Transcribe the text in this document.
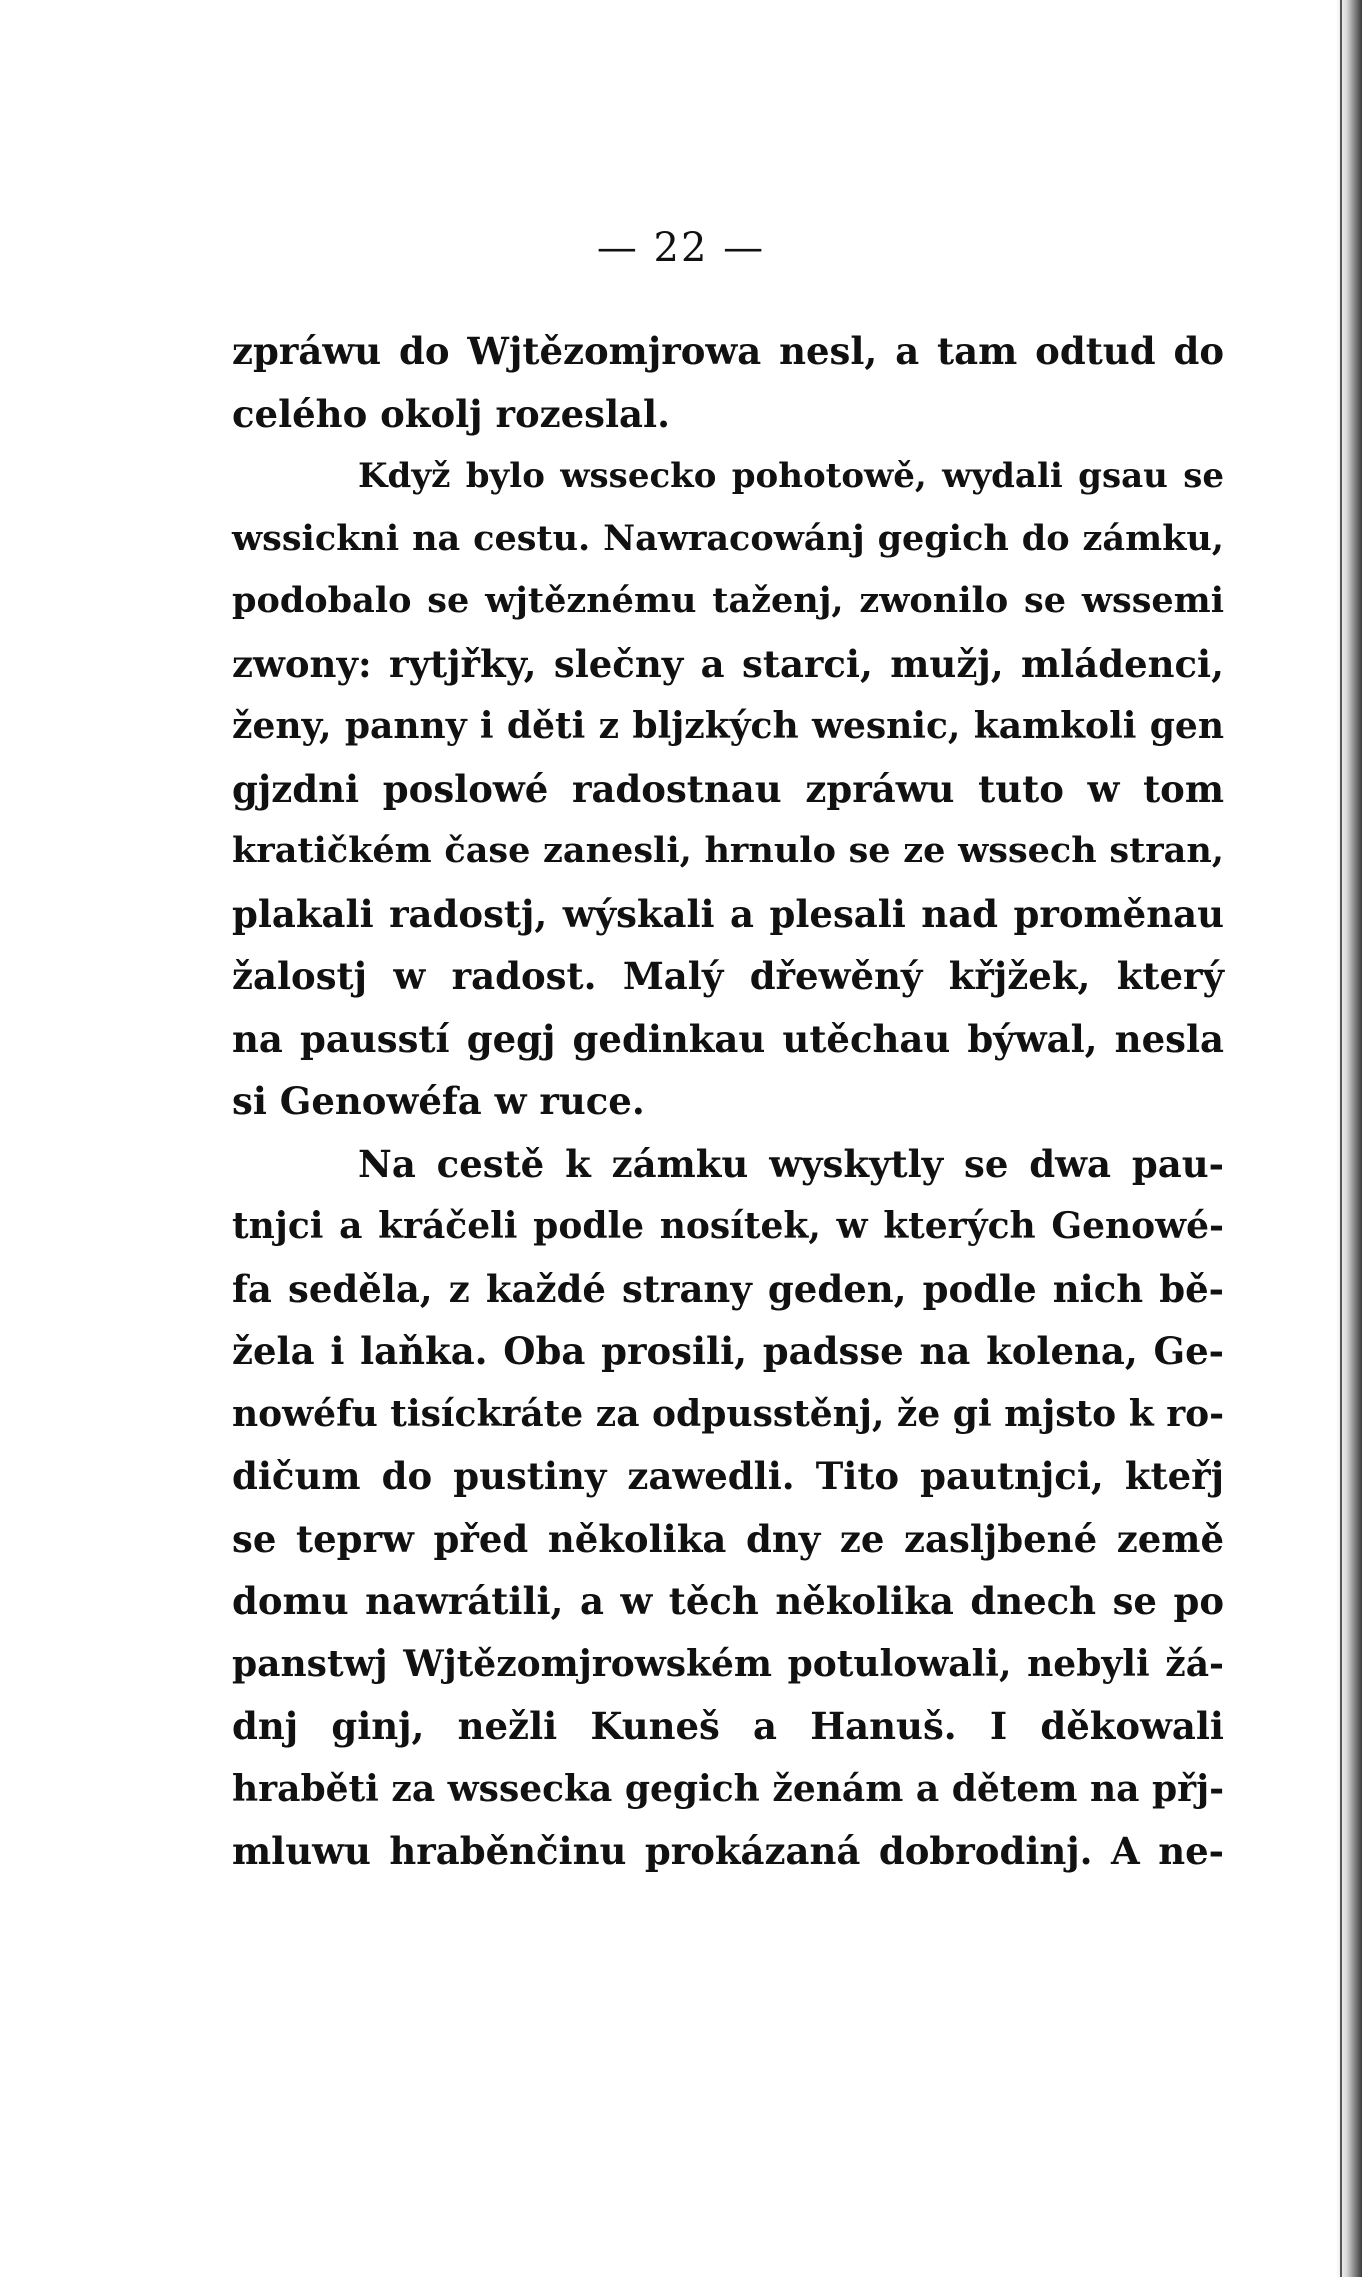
— 22 —
zpráwu do Wjtězomjrowa nesl, a tam odtud do
celého okolj rozeslal.
Když bylo wssecko pohotowě, wydali gsau se
wssickni na cestu. Nawracowánj gegich do zámku,
podobalo se wjtěznému taženj, zwonilo se wssemi
zwony: rytjřky, slečny a starci, mužj, mládenci,
ženy, panny i děti z bljzkých wesnic, kamkoli gen
gjzdni poslowé radostnau zpráwu tuto w tom
kratičkém čase zanesli, hrnulo se ze wssech stran,
plakali radostj, wýskali a plesali nad proměnau
žalostj w radost. Malý dřewěný křjžek, který
na pausstí gegj gedinkau utěchau býwal, nesla
si Genowéfa w ruce.
Na cestě k zámku wyskytly se dwa pau-
tnjci a kráčeli podle nosítek, w kterých Genowé-
fa seděla, z každé strany geden, podle nich bě-
žela i laňka. Oba prosili, padsse na kolena, Ge-
nowéfu tisíckráte za odpusstěnj, že gi mjsto k ro-
dičum do pustiny zawedli. Tito pautnjci, kteřj
se teprw před několika dny ze zasljbené země
domu nawrátili, a w těch několika dnech se po
panstwj Wjtězomjrowském potulowali, nebyli žá-
dnj ginj, nežli Kuneš a Hanuš. I děkowali
hraběti za wssecka gegich ženám a dětem na přj-
mluwu hraběnčinu prokázaná dobrodinj. A ne-
